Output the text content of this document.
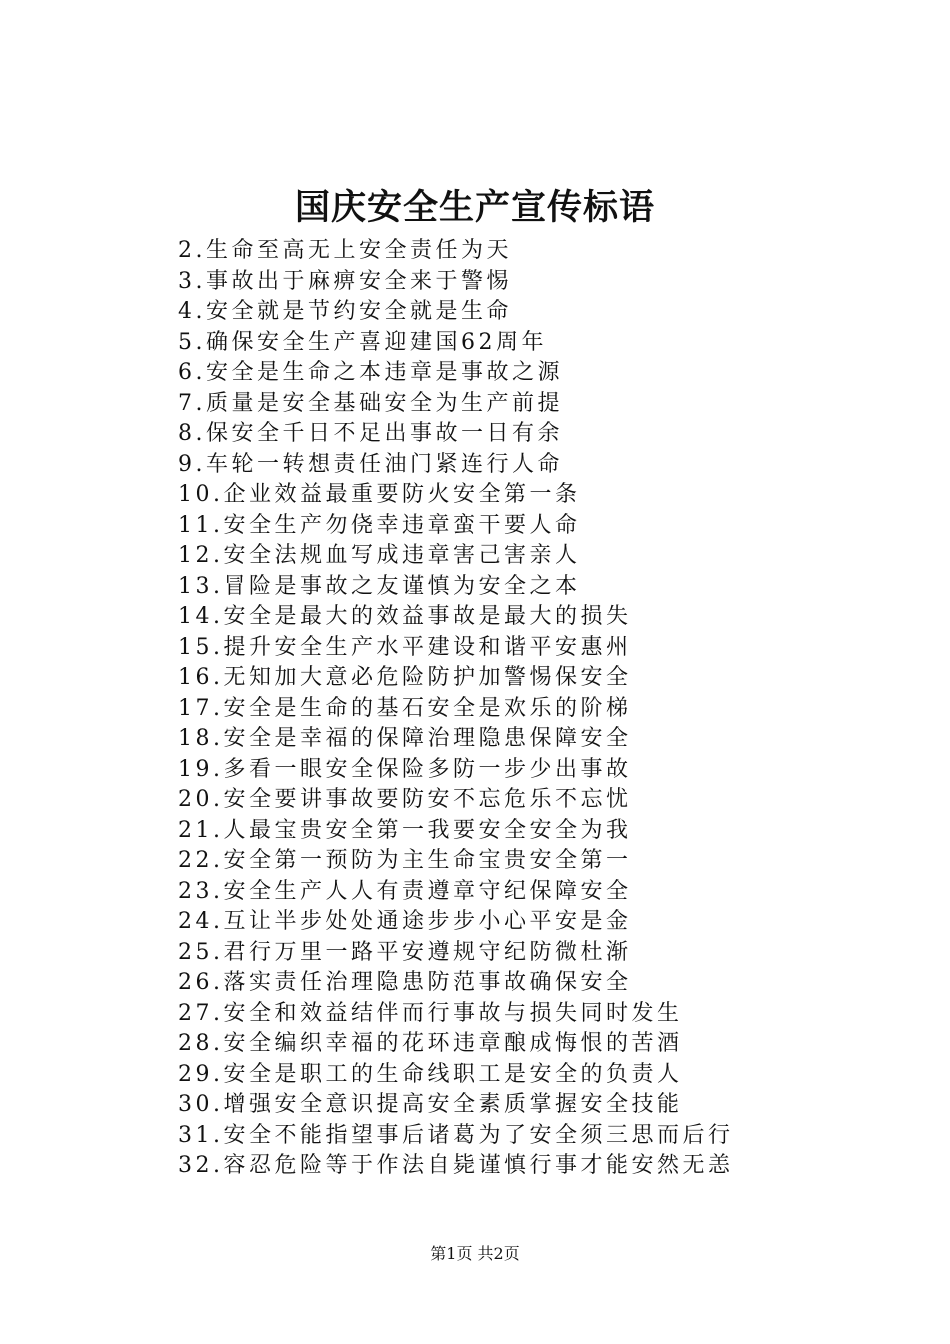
国庆安全生产宣传标语
2.生命至高无上安全责任为天
3.事故出于麻痹安全来于警惕
4.安全就是节约安全就是生命
5.确保安全生产喜迎建国62周年
6.安全是生命之本违章是事故之源
7.质量是安全基础安全为生产前提
8.保安全千日不足出事故一日有余
9.车轮一转想责任油门紧连行人命
10.企业效益最重要防火安全第一条
11.安全生产勿侥幸违章蛮干要人命
12.安全法规血写成违章害己害亲人
13.冒险是事故之友谨慎为安全之本
14.安全是最大的效益事故是最大的损失
15.提升安全生产水平建设和谐平安惠州
16.无知加大意必危险防护加警惕保安全
17.安全是生命的基石安全是欢乐的阶梯
18.安全是幸福的保障治理隐患保障安全
19.多看一眼安全保险多防一步少出事故
20.安全要讲事故要防安不忘危乐不忘忧
21.人最宝贵安全第一我要安全安全为我
22.安全第一预防为主生命宝贵安全第一
23.安全生产人人有责遵章守纪保障安全
24.互让半步处处通途步步小心平安是金
25.君行万里一路平安遵规守纪防微杜渐
26.落实责任治理隐患防范事故确保安全
27.安全和效益结伴而行事故与损失同时发生
28.安全编织幸福的花环违章酿成悔恨的苦酒
29.安全是职工的生命线职工是安全的负责人
30.增强安全意识提高安全素质掌握安全技能
31.安全不能指望事后诸葛为了安全须三思而后行
32.容忍危险等于作法自毙谨慎行事才能安然无恙
第1页 共2页
